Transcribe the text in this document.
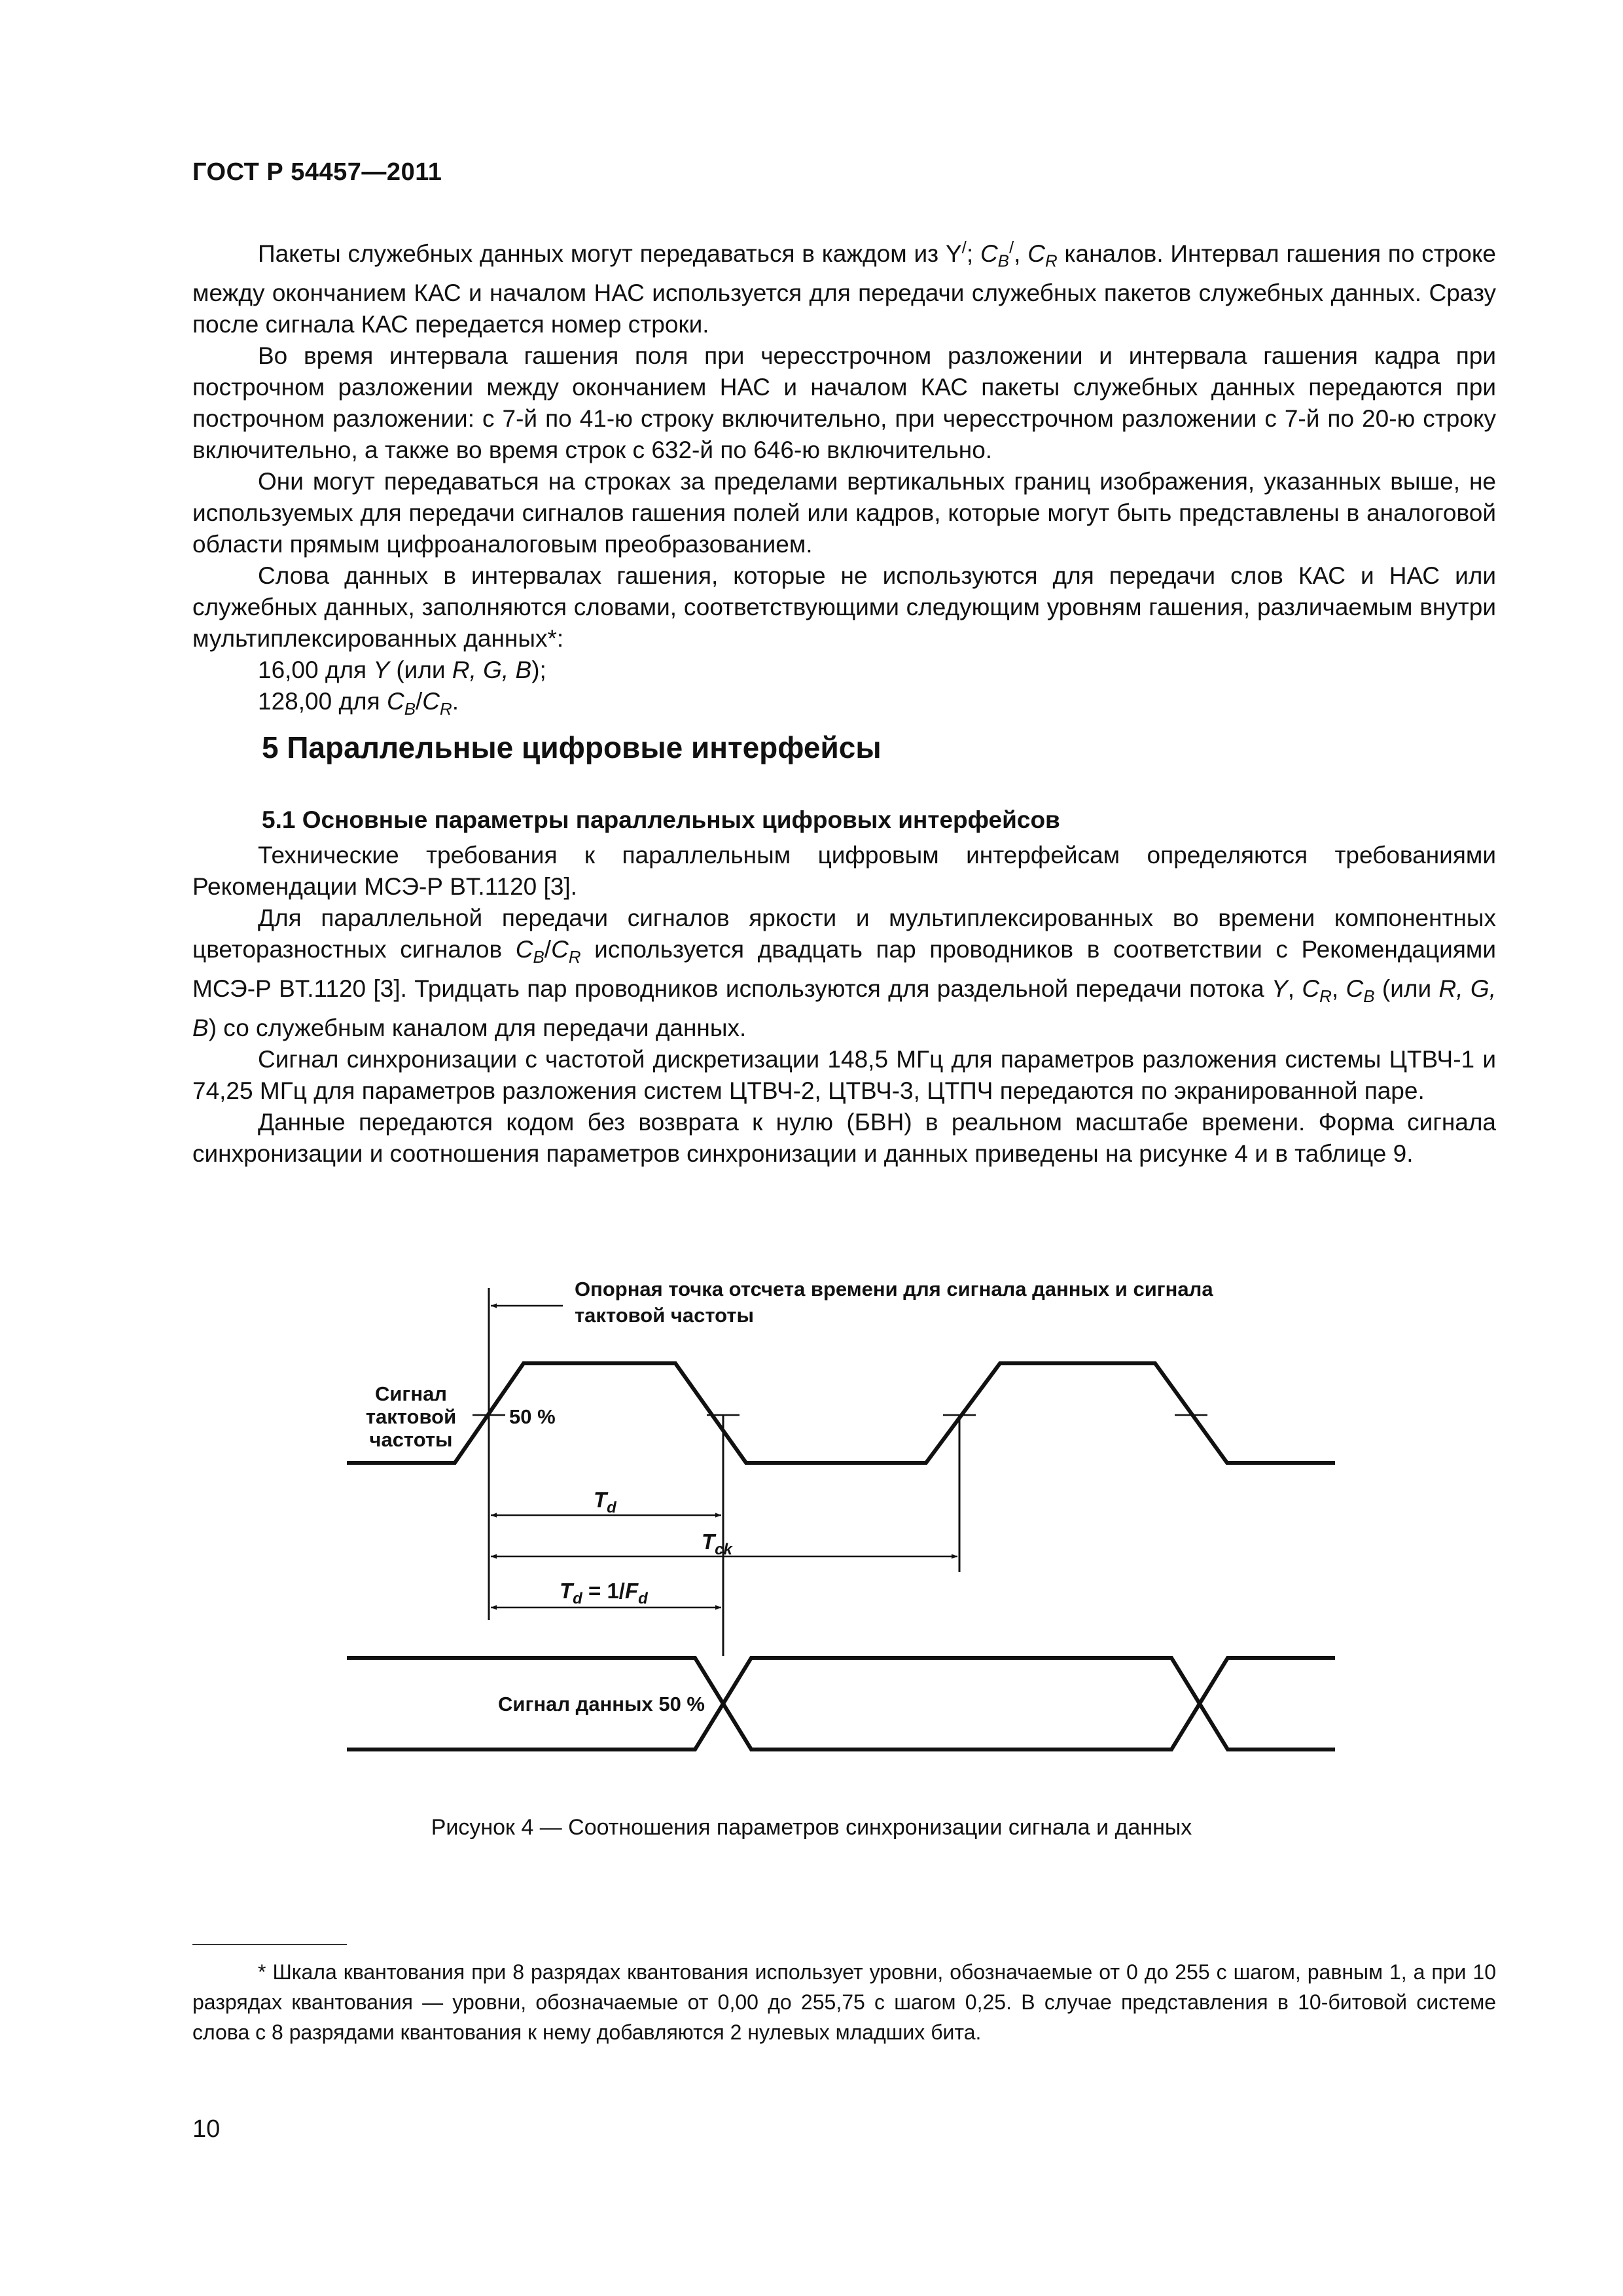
ГОСТ Р 54457—2011

Пакеты служебных данных могут передаваться в каждом из Y/; $C_B^/$, $C_R$ каналов. Интервал гашения по строке между окончанием КАС и началом НАС используется для передачи служебных пакетов служебных данных. Сразу после сигнала КАС передается номер строки.

Во время интервала гашения поля при чересстрочном разложении и интервала гашения кадра при построчном разложении между окончанием НАС и началом КАС пакеты служебных данных передаются при построчном разложении: с 7-й по 41-ю строку включительно, при чересстрочном разложении с 7-й по 20-ю строку включительно, а также во время строк с 632-й по 646-ю включительно.

Они могут передаваться на строках за пределами вертикальных границ изображения, указанных выше, не используемых для передачи сигналов гашения полей или кадров, которые могут быть представлены в аналоговой области прямым цифроаналоговым преобразованием.

Слова данных в интервалах гашения, которые не используются для передачи слов КАС и НАС или служебных данных, заполняются словами, соответствующими следующим уровням гашения, различаемым внутри мультиплексированных данных*:

16,00 для Y (или R, G, B);

128,00 для $C_B/C_R$.

5 Параллельные цифровые интерфейсы
5.1 Основные параметры параллельных цифровых интерфейсов

Технические требования к параллельным цифровым интерфейсам определяются требованиями Рекомендации МСЭ-Р BT.1120 [3].

Для параллельной передачи сигналов яркости и мультиплексированных во времени компонентных цветоразностных сигналов $C_B/C_R$ используется двадцать пар проводников в соответствии с Рекомендациями МСЭ-Р BT.1120 [3]. Тридцать пар проводников используются для раздельной передачи потока Y, $C_R$, $C_B$ (или R, G, B) со служебным каналом для передачи данных.

Сигнал синхронизации с частотой дискретизации 148,5 МГц для параметров разложения системы ЦТВЧ-1 и 74,25 МГц для параметров разложения систем ЦТВЧ-2, ЦТВЧ-3, ЦТПЧ передаются по экранированной паре.

Данные передаются кодом без возврата к нулю (БВН) в реальном масштабе времени. Форма сигнала синхронизации и соотношения параметров синхронизации и данных приведены на рисунке 4 и в таблице 9.

Опорная точка отсчета времени для сигнала данных и сигнала
тактовой частоты
Сигнал
тактовой
частоты
50 %
$T_d$
$T_{ck}$
$T_d = 1/F_d$
Сигнал данных 50 %
Рисунок 4 — Соотношения параметров синхронизации сигнала и данных

* Шкала квантования при 8 разрядах квантования использует уровни, обозначаемые от 0 до 255 с шагом, равным 1, а при 10 разрядах квантования — уровни, обозначаемые от 0,00 до 255,75 с шагом 0,25. В случае представления в 10-битовой системе слова с 8 разрядами квантования к нему добавляются 2 нулевых младших бита.

10
